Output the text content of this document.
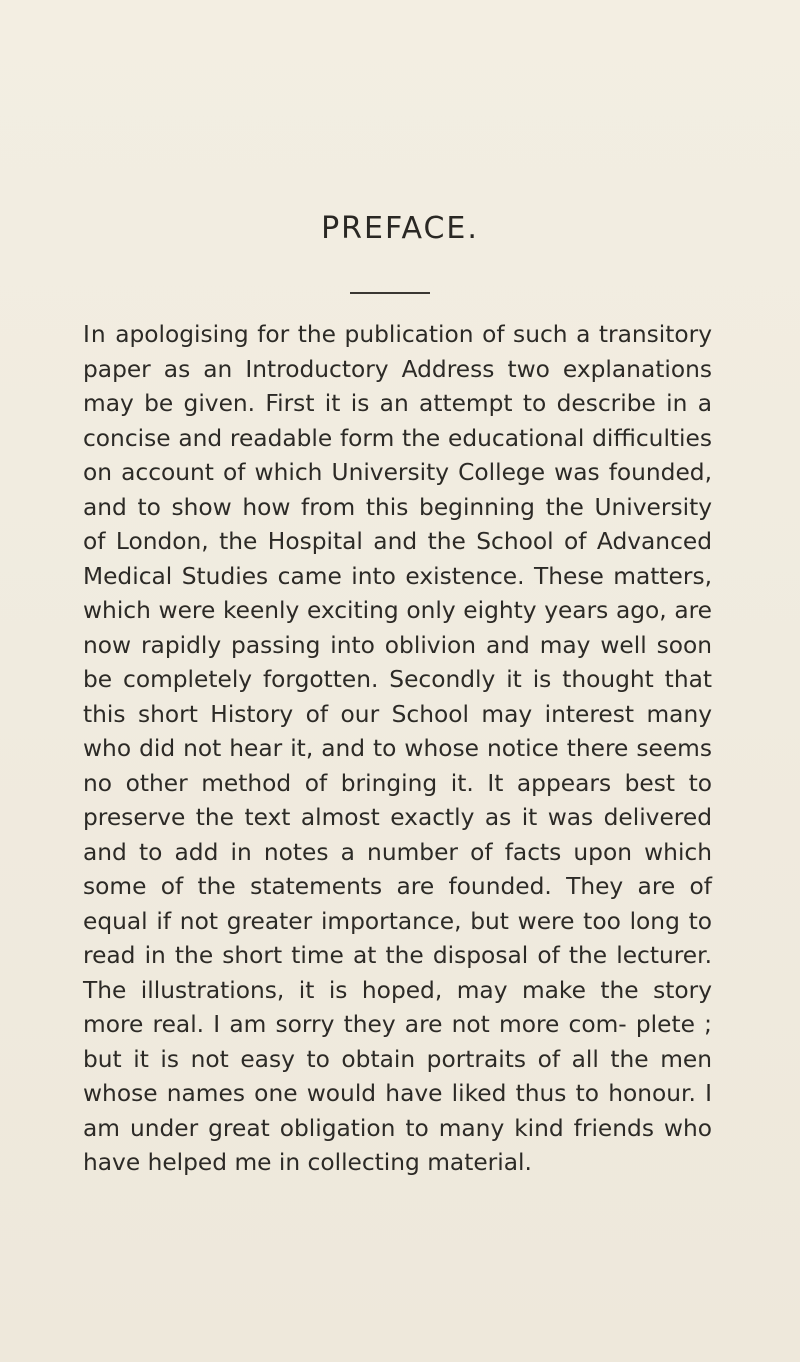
PREFACE.

In apologising for the publication of such a transitory paper as an Introductory Address two explanations may be given. First it is an attempt to describe in a concise and readable form the educational difficulties on account of which University College was founded, and to show how from this beginning the University of London, the Hospital and the School of Advanced Medical Studies came into existence. These matters, which were keenly exciting only eighty years ago, are now rapidly passing into oblivion and may well soon be completely forgotten. Secondly it is thought that this short History of our School may interest many who did not hear it, and to whose notice there seems no other method of bringing it. It appears best to preserve the text almost exactly as it was delivered and to add in notes a number of facts upon which some of the statements are founded. They are of equal if not greater importance, but were too long to read in the short time at the disposal of the lecturer. The illustrations, it is hoped, may make the story more real. I am sorry they are not more com- plete ; but it is not easy to obtain portraits of all the men whose names one would have liked thus to honour. I am under great obligation to many kind friends who have helped me in collecting material.
